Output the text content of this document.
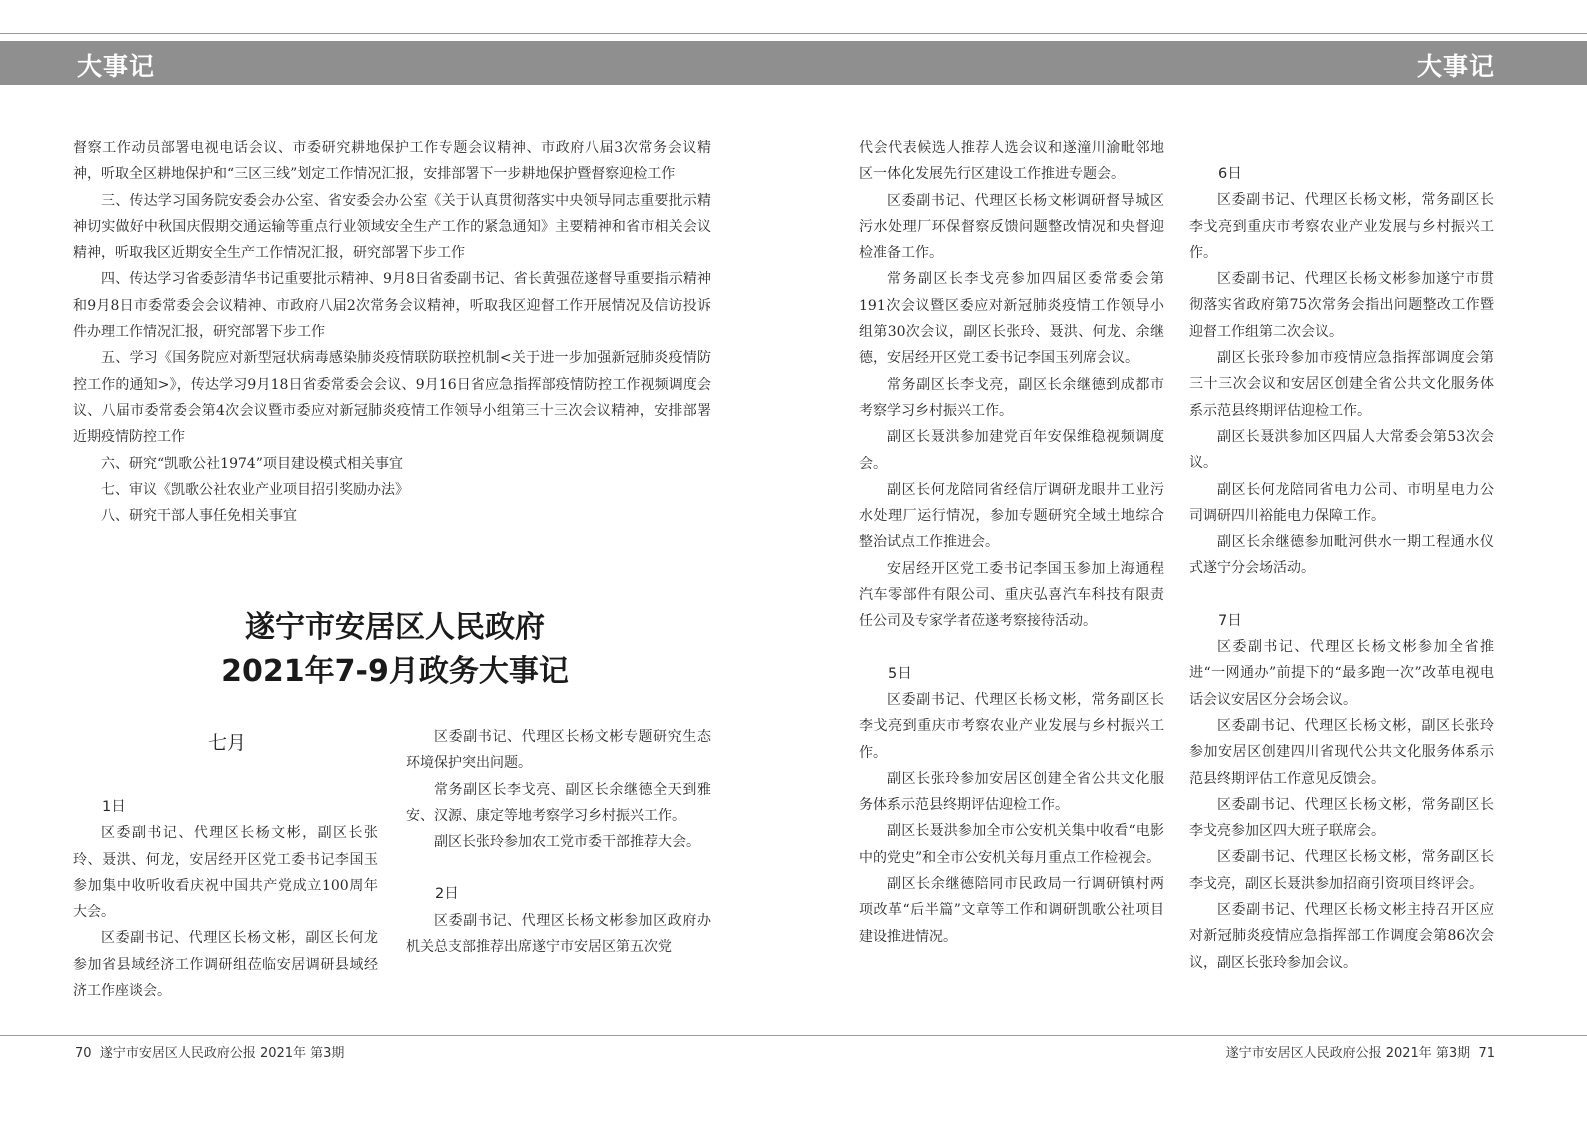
大事记	大事记

督察工作动员部署电视电话会议、市委研究耕地保护工作专题会议精神、市政府八届3次常务会议精神，听取全区耕地保护和“三区三线”划定工作情况汇报，安排部署下一步耕地保护暨督察迎检工作

三、传达学习国务院安委会办公室、省安委会办公室《关于认真贯彻落实中央领导同志重要批示精神切实做好中秋国庆假期交通运输等重点行业领域安全生产工作的紧急通知》主要精神和省市相关会议精神，听取我区近期安全生产工作情况汇报，研究部署下步工作

四、传达学习省委彭清华书记重要批示精神、9月8日省委副书记、省长黄强莅遂督导重要指示精神和9月8日市委常委会会议精神、市政府八届2次常务会议精神，听取我区迎督工作开展情况及信访投诉件办理工作情况汇报，研究部署下步工作

五、学习《国务院应对新型冠状病毒感染肺炎疫情联防联控机制<关于进一步加强新冠肺炎疫情防控工作的通知>》，传达学习9月18日省委常委会会议、9月16日省应急指挥部疫情防控工作视频调度会议、八届市委常委会第4次会议暨市委应对新冠肺炎疫情工作领导小组第三十三次会议精神，安排部署近期疫情防控工作

六、研究“凯歌公社1974”项目建设模式相关事宜

七、审议《凯歌公社农业产业项目招引奖励办法》

八、研究干部人事任免相关事宜

遂宁市安居区人民政府
2021年7-9月政务大事记
七月
1日

区委副书记、代理区长杨文彬，副区长张玲、聂洪、何龙，安居经开区党工委书记李国玉参加集中收听收看庆祝中国共产党成立100周年大会。

区委副书记、代理区长杨文彬，副区长何龙参加省县域经济工作调研组莅临安居调研县域经济工作座谈会。

区委副书记、代理区长杨文彬专题研究生态环境保护突出问题。

常务副区长李戈亮、副区长余继德全天到雅安、汉源、康定等地考察学习乡村振兴工作。

副区长张玲参加农工党市委干部推荐大会。

2日

区委副书记、代理区长杨文彬参加区政府办机关总支部推荐出席遂宁市安居区第五次党

代会代表候选人推荐人选会议和遂潼川渝毗邻地区一体化发展先行区建设工作推进专题会。

区委副书记、代理区长杨文彬调研督导城区污水处理厂环保督察反馈问题整改情况和央督迎检准备工作。

常务副区长李戈亮参加四届区委常委会第191次会议暨区委应对新冠肺炎疫情工作领导小组第30次会议，副区长张玲、聂洪、何龙、余继德，安居经开区党工委书记李国玉列席会议。

常务副区长李戈亮，副区长余继德到成都市考察学习乡村振兴工作。

副区长聂洪参加建党百年安保维稳视频调度会。

副区长何龙陪同省经信厅调研龙眼井工业污水处理厂运行情况，参加专题研究全域土地综合整治试点工作推进会。

安居经开区党工委书记李国玉参加上海通程汽车零部件有限公司、重庆弘喜汽车科技有限责任公司及专家学者莅遂考察接待活动。

5日

区委副书记、代理区长杨文彬，常务副区长李戈亮到重庆市考察农业产业发展与乡村振兴工作。

副区长张玲参加安居区创建全省公共文化服务体系示范县终期评估迎检工作。

副区长聂洪参加全市公安机关集中收看“电影中的党史”和全市公安机关每月重点工作检视会。

副区长余继德陪同市民政局一行调研镇村两项改革“后半篇”文章等工作和调研凯歌公社项目建设推进情况。

6日

区委副书记、代理区长杨文彬，常务副区长李戈亮到重庆市考察农业产业发展与乡村振兴工作。

区委副书记、代理区长杨文彬参加遂宁市贯彻落实省政府第75次常务会指出问题整改工作暨迎督工作组第二次会议。

副区长张玲参加市疫情应急指挥部调度会第三十三次会议和安居区创建全省公共文化服务体系示范县终期评估迎检工作。

副区长聂洪参加区四届人大常委会第53次会议。

副区长何龙陪同省电力公司、市明星电力公司调研四川裕能电力保障工作。

副区长余继德参加毗河供水一期工程通水仪式遂宁分会场活动。

7日

区委副书记、代理区长杨文彬参加全省推进“一网通办”前提下的“最多跑一次”改革电视电话会议安居区分会场会议。

区委副书记、代理区长杨文彬，副区长张玲参加安居区创建四川省现代公共文化服务体系示范县终期评估工作意见反馈会。

区委副书记、代理区长杨文彬，常务副区长李戈亮参加区四大班子联席会。

区委副书记、代理区长杨文彬，常务副区长李戈亮，副区长聂洪参加招商引资项目终评会。

区委副书记、代理区长杨文彬主持召开区应对新冠肺炎疫情应急指挥部工作调度会第86次会议，副区长张玲参加会议。

70 遂宁市安居区人民政府公报 2021年 第3期	遂宁市安居区人民政府公报 2021年 第3期 71
